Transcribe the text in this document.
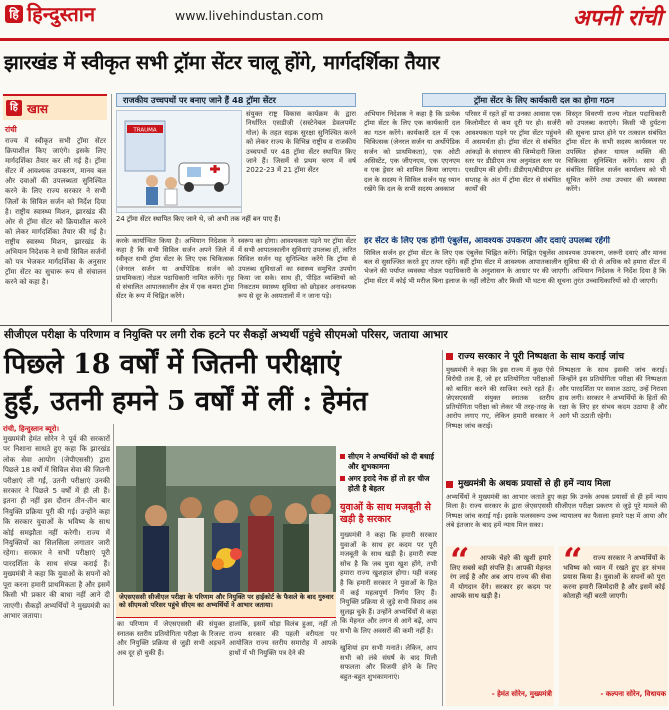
हि हिन्दुस्तान	www.livehindustan.com	अपनी रांची
झारखंड में स्वीकृत सभी ट्रॉमा सेंटर चालू होंगे, मार्गदर्शिका तैयार
हि खास
रांची
राज्य में स्वीकृत सभी ट्रॉमा सेंटर क्रियाशील किए जाएंगे। इसके लिए मार्गदर्शिका तैयार कर ली गई है। ट्रॉमा सेंटर में आवश्यक उपकरण, मानव बल और दवाओं की उपलब्धता सुनिश्चित करने के लिए राज्य सरकार ने सभी जिलों के सिविल सर्जन को निर्देश दिया है। राष्ट्रीय स्वास्थ्य मिशन, झारखंड की ओर से ट्रॉमा सेंटर को क्रियाशील करने को लेकर मार्गदर्शिका तैयार की गई है। राष्ट्रीय स्वास्थ्य मिशन, झारखंड के अभियान निदेशक ने सभी सिविल सर्जनों को पत्र भेजकर मार्गदर्शिका के अनुसार ट्रॉमा सेंटर का सुचारू रूप से संचालन करने को कहा है।
राजकीय उच्चपथों पर बनाए जाने हैं 48 ट्रॉमा सेंटर
TRAUMA
संयुक्त राष्ट्र विकास कार्यक्रम के द्वारा निर्धारित एसडीजी (सस्टेनेबल डेवलपमेंट गोल) के तहत सड़क सुरक्षा सुनिश्चित करने को लेकर राज्य के विभिन्न राष्ट्रीय व राजकीय उच्चपथों पर 48 ट्रॉमा सेंटर स्थापित किए जाने हैं। जिसमें से प्रथम चरण में वर्ष 2022-23 में 21 ट्रॉमा सेंटर
24 ट्रॉमा सेंटर स्थापित किए जाने थे, जो अभी तक नहीं बन पाए हैं।
करके कार्यान्वित किया है। अभियान निदेशक ने कहा है कि सभी सिविल सर्जन अपने जिले में स्वीकृत सभी ट्रॉमा सेंटर के लिए एक चिकित्सक (जेनरल सर्जन या अर्थोपेडिक सर्जन को प्राथमिकता) नोडल पदाधिकारी नामित करेंगे। गृह से संचालित आपातकालीन क्षेत्र में एक कमरा ट्रॉमा सेंटर के रूप में चिह्नित करेंगे।
स्वरूप का होगा। आवश्यकता पड़ने पर ट्रॉमा सेंटर में सभी आपातकालीन सुविधाएं उपलब्ध हों, त्वरित सिविल सर्जन यह सुनिश्चित करेंगे कि ट्रॉमा से उपलब्ध सुविधाओं का स्वास्थ्य समुचित उपयोग किया जा सके। साथ ही, पीड़ित व्यक्तियों को निकटतम स्वास्थ्य सुविधा को छोड़कर अनावश्यक रूप से दूर के अस्पतालों में न जाना पड़े।
ट्रॉमा सेंटर के लिए कार्यकारी दल का होगा गठन
अभियान निदेशक ने कहा है कि प्रत्येक ट्रॉमा सेंटर के लिए एक कार्यकारी दल का गठन करेंगे। कार्यकारी दल में एक चिकित्सक (जेनरल सर्जन या अर्थोपेडिक सर्जन को प्राथमिकता), एक ओटी असिस्टेंट, एक जीएनएम, एक एएनएम व एक ड्रेसर को शामिल किया जाएगा। दल के सदस्य ने सिविल सर्जन यह ध्यान रखेंगे कि दल के सभी सदस्य अवकाश
परिसर में रहते हों या उनका आवास एक किलोमीटर से कम दूरी पर हो। सर्जरी आवश्यकता पड़ने पर ट्रॉमा सेंटर पहुंचने में असमर्थता हो। ट्रॉमा सेंटर से संबंधित आंकड़ों के संधारण की जिम्मेदारी जिला स्तर पर डीडीएम तथा अनुमंडल स्तर पर एसडीएम की होगी। डीडीएम/बीडीएम हर सप्ताह के अंत में ट्रॉमा सेंटर से संबंधित कार्यों की
विस्तृत विवरणी राज्य नोडल पदाधिकारी को उपलब्ध कराएंगे। किसी भी दुर्घटना की सूचना प्राप्त होने पर तत्काल संबंधित ट्रॉमा सेंटर के सभी सदस्य कार्यस्थल पर उपस्थित होकर घायल व्यक्ति की चिकित्सा सुनिश्चित करेंगे। साथ ही संबंधित सिविल सर्जन कार्यालय को भी सूचित करेंगे तथा उपचार की व्यवस्था करेंगे।
हर सेंटर के लिए एक होगी एंबुलेंस, आवश्यक उपकरण और दवाएं उपलब्ध रहेंगी
सिविल सर्जन हर ट्रॉमा सेंटर के लिए एक एंबुलेंस चिह्नित करेंगे। चिह्नित एंबुलेंस आवश्यक उपकरण, जरूरी दवाएं और मानव बल से सुसज्जित करते हुए तत्पर रहेंगे। वहीं ट्रॉमा सेंटर में आवश्यक आपातकालीन सुविधा की दो से अधिक को हमारा सेंटर में भेजने की पर्याप्त व्यवस्था नोडल पदाधिकारी के अनुशासन के आधार पर की जाएगी। अभियान निदेशक ने निर्देश दिया है कि ट्रॉमा सेंटर में कोई भी मरीज बिना इलाज के नहीं लौटेगा और किसी भी घटना की सूचना तुरंत उच्चाधिकारियों को दी जाएगी।
सीजीएल परीक्षा के परिणाम व नियुक्ति पर लगी रोक हटने पर सैकड़ों अभ्यर्थी पहुंचे सीएमओ परिसर, जताया आभार
पिछले 18 वर्षों में जितनी परीक्षाएं
हुईं, उतनी हमने 5 वर्षों में लीं : हेमंत
रांची, हिन्दुस्तान ब्यूरो।
मुख्यमंत्री हेमंत सोरेन ने पूर्व की सरकारों पर निशाना साधते हुए कहा कि झारखंड लोक सेवा आयोग (जेपीएससी) द्वारा पिछले 18 वर्षों में सिविल सेवा की जितनी परीक्षाएं ली गईं, उतनी परीक्षाएं उनकी सरकार ने पिछले 5 वर्षों में ही ली हैं। इतना ही नहीं इस दौरान तीन-तीन बार नियुक्ति प्रक्रिया पूरी की गई। उन्होंने कहा कि सरकार युवाओं के भविष्य के साथ कोई समझौता नहीं करेगी। राज्य में नियुक्तियों का सिलसिला लगातार जारी रहेगा। सरकार ने सभी परीक्षाएं पूरी पारदर्शिता के साथ संपन्न कराई हैं। मुख्यमंत्री ने कहा कि युवाओं के सपनों को पूरा करना हमारी प्राथमिकता है और इसमें किसी भी प्रकार की बाधा नहीं आने दी जाएगी। सैकड़ों अभ्यर्थियों ने मुख्यमंत्री का आभार जताया।
जेएसएससी सीजीएल परीक्षा के परिणाम और नियुक्ति पर हाईकोर्ट के फैसले के बाद गुरुवार को सीएमओ परिसर पहुंचे सीएम का अभ्यर्थियों ने आभार जताया।
सीएम ने अभ्यर्थियों को दी बधाई और शुभकामना
अगर इरादे नेक हों तो हर चीज होती है बेहतर
युवाओं के साथ मजबूती से खड़ी है सरकार
मुख्यमंत्री ने कहा कि हमारी सरकार युवाओं के साथ हर कदम पर पूरी मजबूती के साथ खड़ी है। हमारी स्पष्ट सोच है कि जब युवा खुश होंगे, तभी हमारा राज्य खुशहाल होगा। यही वजह है कि हमारी सरकार ने युवाओं के हित में कई महत्वपूर्ण निर्णय लिए हैं। नियुक्ति प्रक्रिया से जुड़े सभी विवाद अब सुलझ चुके हैं। उन्होंने अभ्यर्थियों से कहा कि मेहनत और लगन से आगे बढ़ें, आप सभी के लिए अवसरों की कमी नहीं है।
का परिणाम में जेएसएससी की संयुक्त स्नातक स्तरीय प्रतियोगिता परीक्षा के रिजल्ट और नियुक्ति प्रक्रिया से जुड़ी सभी अड़चनें अब दूर हो चुकी हैं।
हालांकि, इसमें थोड़ा विलंब हुआ, नहीं तो राज्य सरकार की पहली वरीयता पर आयोजित राज्य स्तरीय समारोह में आपके हाथों में भी नियुक्ति पत्र देने की
खुशियां हम सभी मनाते। लेकिन, आप सभी को लंबे संघर्ष के बाद मिली सफलता और विजयी होने के लिए बहुत-बहुत शुभकामनाएं।
राज्य सरकार ने पूरी निष्पक्षता के साथ कराई जांच
मुख्यमंत्री ने कहा कि इस राज्य में कुछ ऐसे विरोधी तत्व हैं, जो हर प्रतियोगिता परीक्षाओं को बाधित करने की साजिश रचते रहते हैं। जेएसएससी संयुक्त स्नातक स्तरीय प्रतियोगिता परीक्षा को लेकर भी तरह-तरह के आरोप लगाए गए, लेकिन हमारी सरकार ने निष्पक्ष जांच कराई।
निष्पक्षता के साथ इसकी जांच कराई। जिन्होंने इस प्रतियोगिता परीक्षा की निष्पक्षता और पारदर्शिता पर सवाल उठाए, उन्हें निराशा हाथ लगी। सरकार ने अभ्यर्थियों के हितों की रक्षा के लिए हर संभव कदम उठाया है और आगे भी उठाती रहेगी।
मुख्यमंत्री के अथक प्रयासों से ही हमें न्याय मिला
अभ्यर्थियों ने मुख्यमंत्री का आभार जताते हुए कहा कि उनके अथक प्रयासों से ही हमें न्याय मिला है। राज्य सरकार के द्वारा जेएसएससी सीजीएल परीक्षा प्रकरण से जुड़े पूरे मामले की निष्पक्ष जांच कराई गई। इसके फलस्वरूप उच्च न्यायालय का फैसला हमारे पक्ष में आया और लंबे इंतजार के बाद हमें न्याय मिल सका।
“	आपके चेहरे की खुशी हमारे लिए सबसे बड़ी संपत्ति है। आपकी मेहनत रंग लाई है और अब आप राज्य की सेवा में योगदान देंगे। सरकार हर कदम पर आपके साथ खड़ी है।
- हेमंत सोरेन, मुख्यमंत्री
“	राज्य सरकार ने अभ्यर्थियों के भविष्य को ध्यान में रखते हुए हर संभव प्रयास किया है। युवाओं के सपनों को पूरा करना हमारी जिम्मेदारी है और इसमें कोई कोताही नहीं बरती जाएगी।
- कल्पना सोरेन, विधायक
